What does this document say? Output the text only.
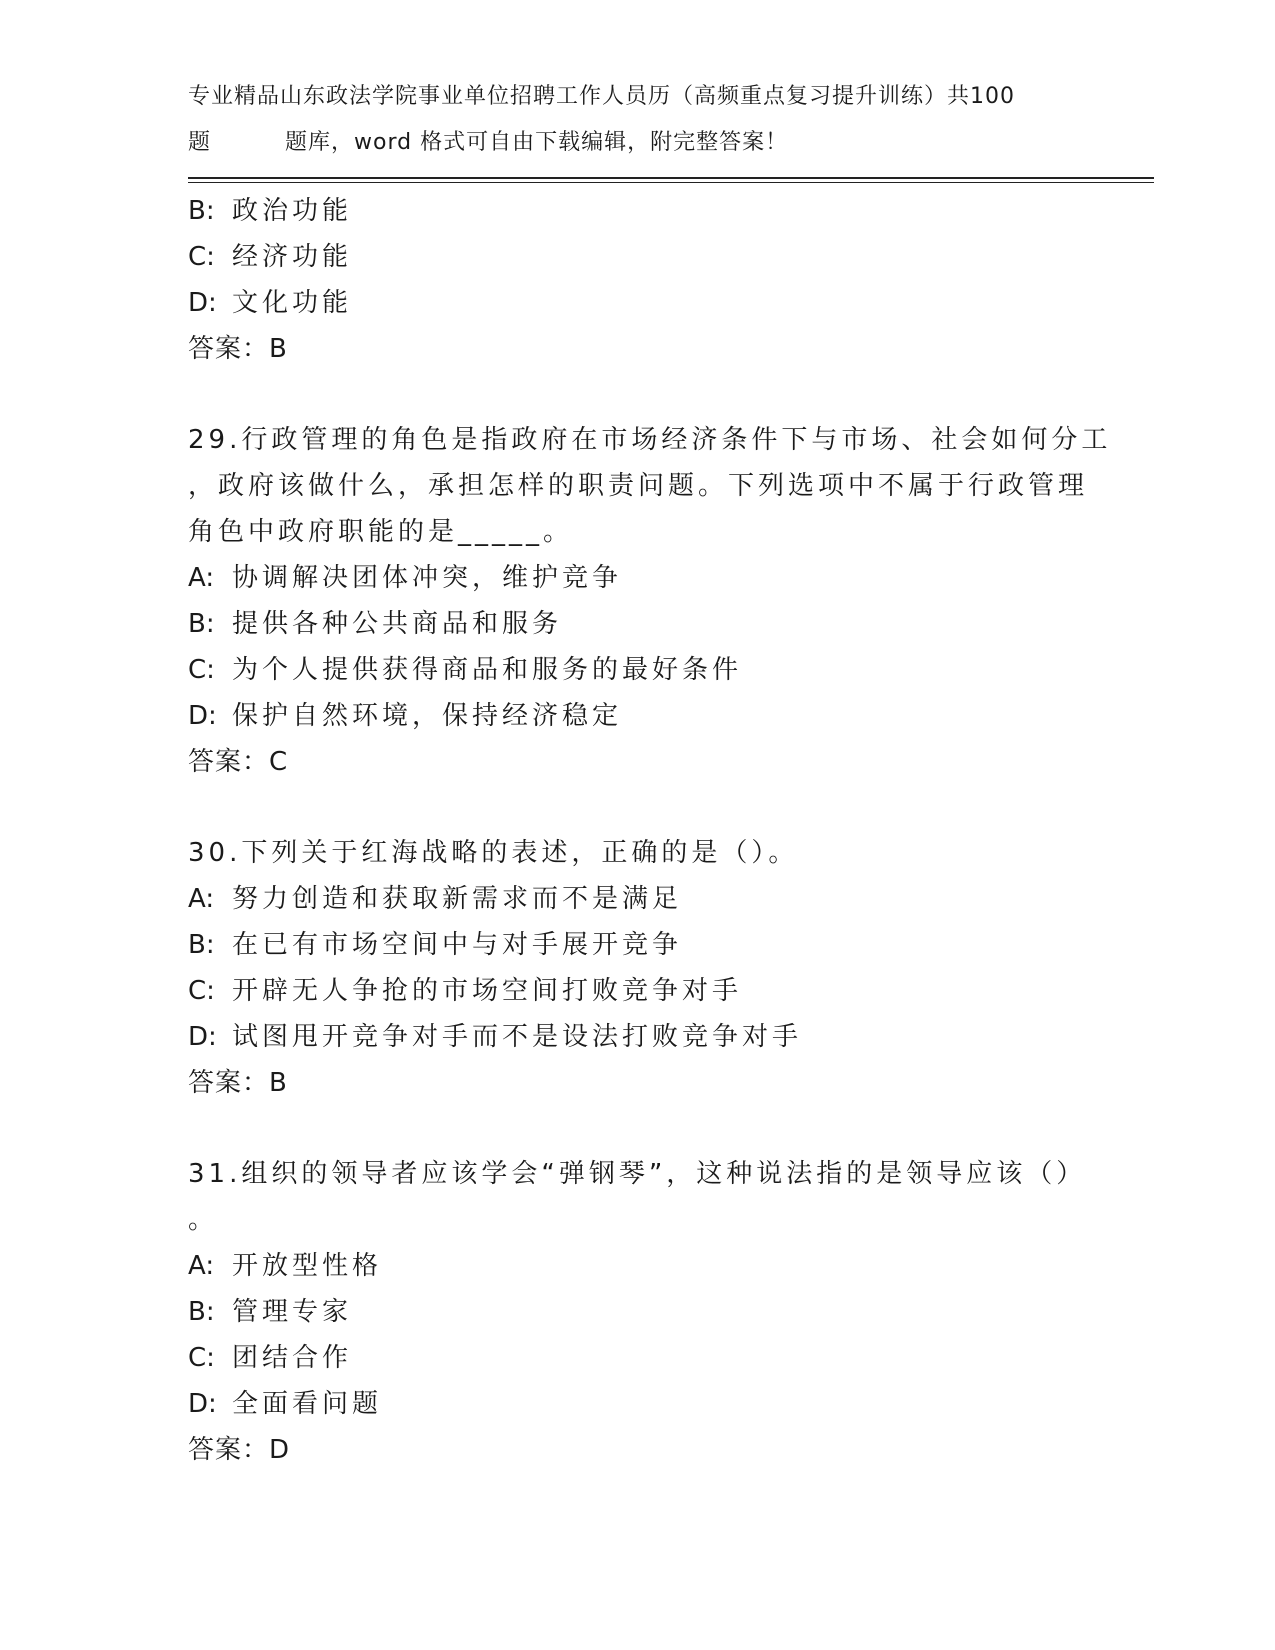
专业精品山东政法学院事业单位招聘工作人员历（高频重点复习提升训练）共100
题	题库，word 格式可自由下载编辑，附完整答案！
B: 政治功能
C: 经济功能
D: 文化功能
答案：B
29.行政管理的角色是指政府在市场经济条件下与市场、社会如何分工
，政府该做什么，承担怎样的职责问题。下列选项中不属于行政管理
角色中政府职能的是_____。
A: 协调解决团体冲突，维护竞争
B: 提供各种公共商品和服务
C: 为个人提供获得商品和服务的最好条件
D: 保护自然环境，保持经济稳定
答案：C
30.下列关于红海战略的表述，正确的是（）。
A: 努力创造和获取新需求而不是满足
B: 在已有市场空间中与对手展开竞争
C: 开辟无人争抢的市场空间打败竞争对手
D: 试图甩开竞争对手而不是设法打败竞争对手
答案：B
31.组织的领导者应该学会“弹钢琴”，这种说法指的是领导应该（）
。
A: 开放型性格
B: 管理专家
C: 团结合作
D: 全面看问题
答案：D
